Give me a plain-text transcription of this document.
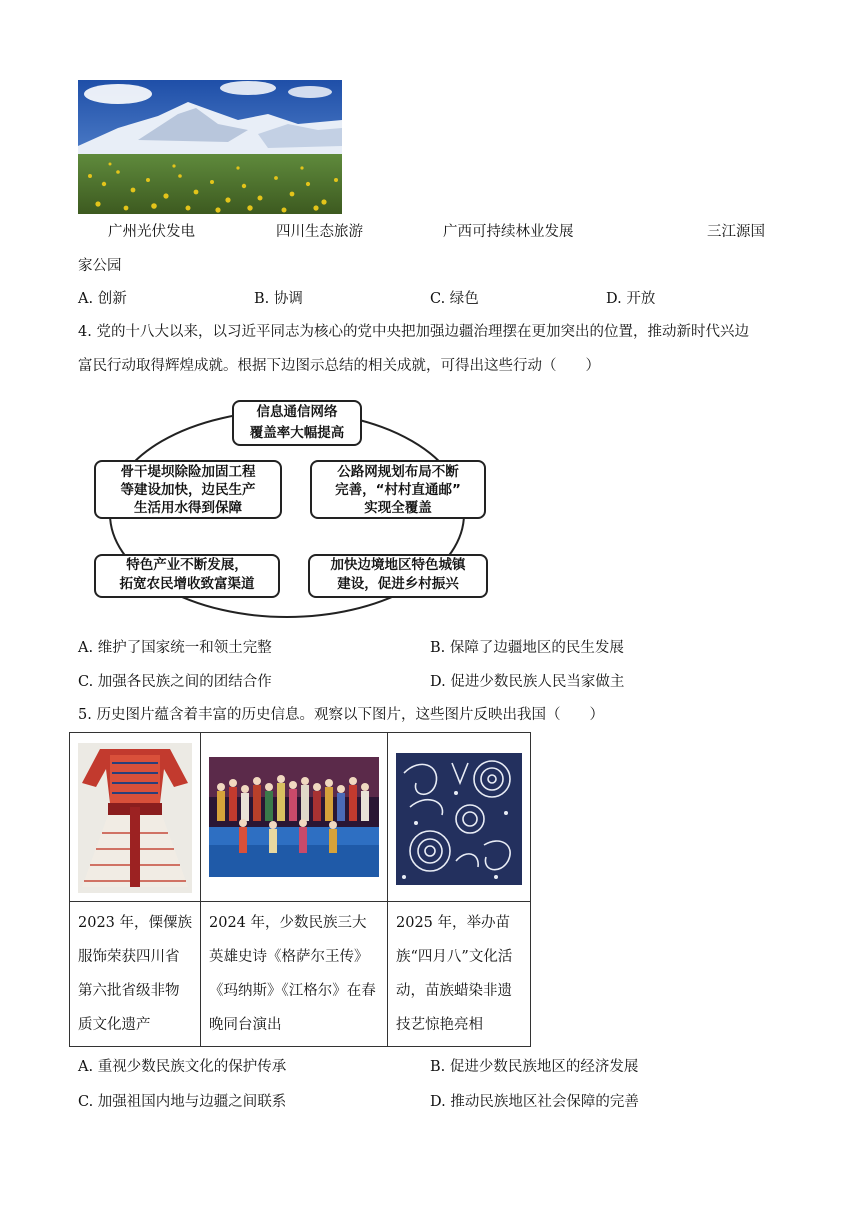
广州光伏发电	四川生态旅游	广西可持续林业发展	三江源国
家公园
A. 创新	B. 协调	C. 绿色	D. 开放
4. 党的十八大以来，以习近平同志为核心的党中央把加强边疆治理摆在更加突出的位置，推动新时代兴边
富民行动取得辉煌成就。根据下边图示总结的相关成就，可得出这些行动（　　）
信息通信网络
覆盖率大幅提高
骨干堤坝除险加固工程
等建设加快，边民生产
生活用水得到保障
公路网规划布局不断
完善，“村村直通邮”
实现全覆盖
特色产业不断发展，
拓宽农民增收致富渠道
加快边境地区特色城镇
建设，促进乡村振兴
A. 维护了国家统一和领土完整	B. 保障了边疆地区的民生发展
C. 加强各民族之间的团结合作	D. 促进少数民族人民当家做主
5. 历史图片蕴含着丰富的历史信息。观察以下图片，这些图片反映出我国（　　）

2023 年，傈僳族服饰荣获四川省第六批省级非物质文化遗产	2024 年，少数民族三大英雄史诗《格萨尔王传》《玛纳斯》《江格尔》在春晚同台演出	2025 年，举办苗族“四月八”文化活动，苗族蜡染非遗技艺惊艳亮相
A. 重视少数民族文化的保护传承	B. 促进少数民族地区的经济发展
C. 加强祖国内地与边疆之间联系	D. 推动民族地区社会保障的完善
